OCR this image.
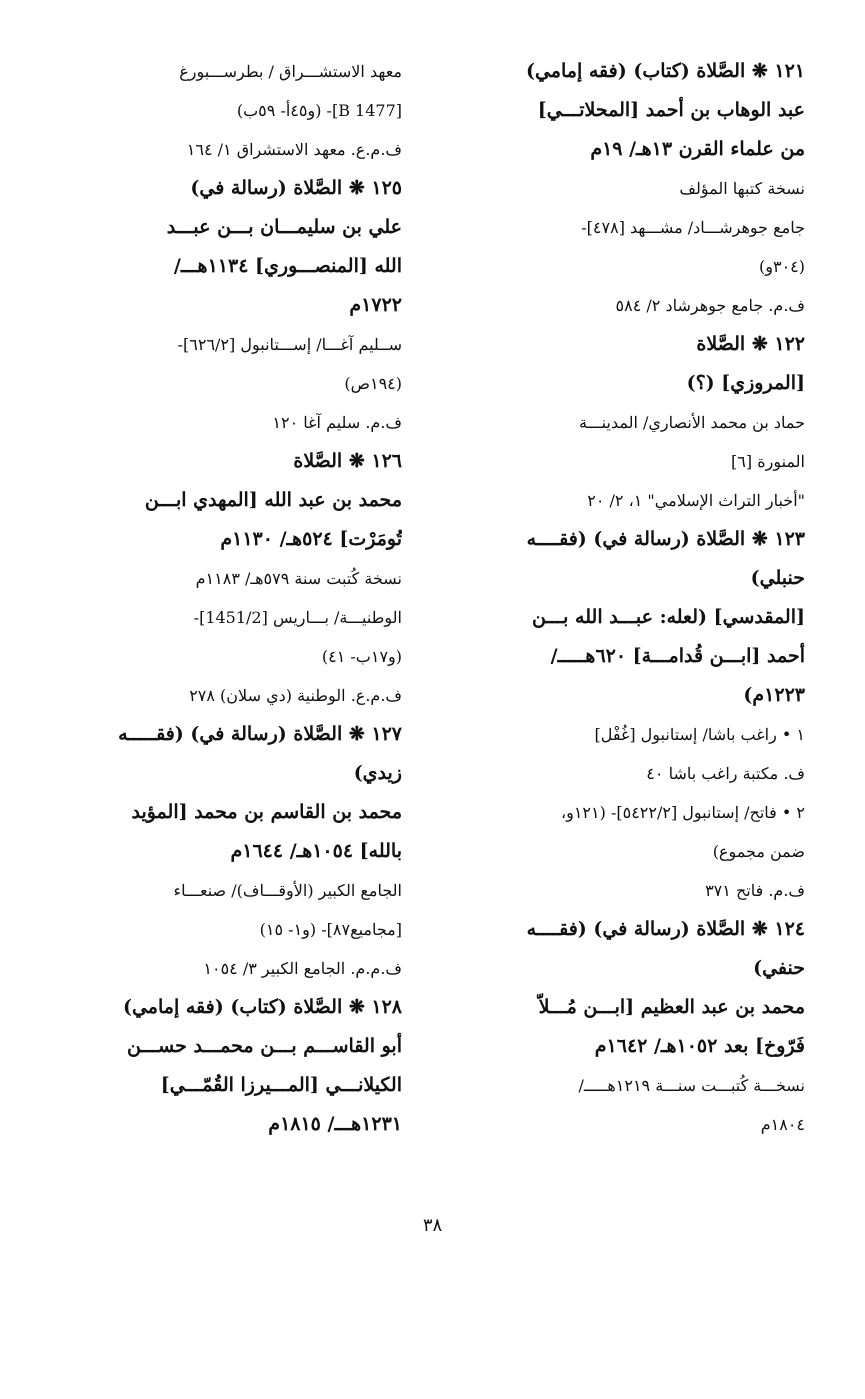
١٢١ ❋ الصَّلاة (كتاب) (فقه إمامي)
عبد الوهاب بن أحمد [المحلاتـــي]
من علماء القرن ١٣هـ/ ١٩م
نسخة كتبها المؤلف
جامع جوهرشـــاد/ مشـــهد [٤٧٨]-
(٣٠٤و)
ف.م. جامع جوهرشاد ٢/ ٥٨٤
١٢٢ ❋ الصَّلاة
[المروزي] (؟)
حماد بن محمد الأنصاري/ المدينـــة
المنورة [٦]
"أخبار التراث الإسلامي" ١، ٢/ ٢٠
١٢٣ ❋ الصَّلاة (رسالة في) (فقــــه
حنبلي)
[المقدسي] (لعله: عبـــد الله بـــن
أحمد [ابـــن قُدامـــة] ٦٢٠هـــــ/
١٢٢٣م)
١ • راغب باشا/ إستانبول [غُفْل]
ف. مكتبة راغب باشا ٤٠
٢ • فاتح/ إستانبول [٥٤٢٢/٢]- (١٢١و،
ضمن مجموع)
ف.م. فاتح ٣٧١
١٢٤ ❋ الصَّلاة (رسالة في) (فقــــه
حنفي)
محمد بن عبد العظيم [ابـــن مُـــلاّ
فَرّوخ] بعد ١٠٥٢هـ/ ١٦٤٢م
نسخـــة كُتبـــت سنـــة ١٢١٩هـــــ/
١٨٠٤م
معهد الاستشـــراق / بطرســـبورغ
[B 1477]- (و٤٥أ- ٥٩ب)
ف.م.ع. معهد الاستشراق ١/ ١٦٤
١٢٥ ❋ الصَّلاة (رسالة في)
علي بن سليمـــان بـــن عبـــد
الله [المنصـــوري] ١١٣٤هـــ/
١٧٢٢م
ســليم آغـــا/ إســـتانبول [٦٢٦/٢]-
(١٩٤ص)
ف.م. سليم آغا ١٢٠
١٢٦ ❋ الصَّلاة
محمد بن عبد الله [المهدي ابـــن
تُومَرْت] ٥٢٤هـ/ ١١٣٠م
نسخة كُتبت سنة ٥٧٩هـ/ ١١٨٣م
الوطنيـــة/ بـــاريس [1451/2]-
(و١٧ب- ٤١)
ف.م.ع. الوطنية (دي سلان) ٢٧٨
١٢٧ ❋ الصَّلاة (رسالة في) (فقـــــه
زيدي)
محمد بن القاسم بن محمد [المؤيد
بالله] ١٠٥٤هـ/ ١٦٤٤م
الجامع الكبير (الأوقـــاف)/ صنعـــاء
[مجاميع٨٧]- (و١- ١٥)
ف.م.م. الجامع الكبير ٣/ ١٠٥٤
١٢٨ ❋ الصَّلاة (كتاب) (فقه إمامي)
أبو القاســـم بـــن محمـــد حســـن
الكيلانـــي [المـــيرزا القُمّـــي]
١٢٣١هـــ/ ١٨١٥م
٣٨
